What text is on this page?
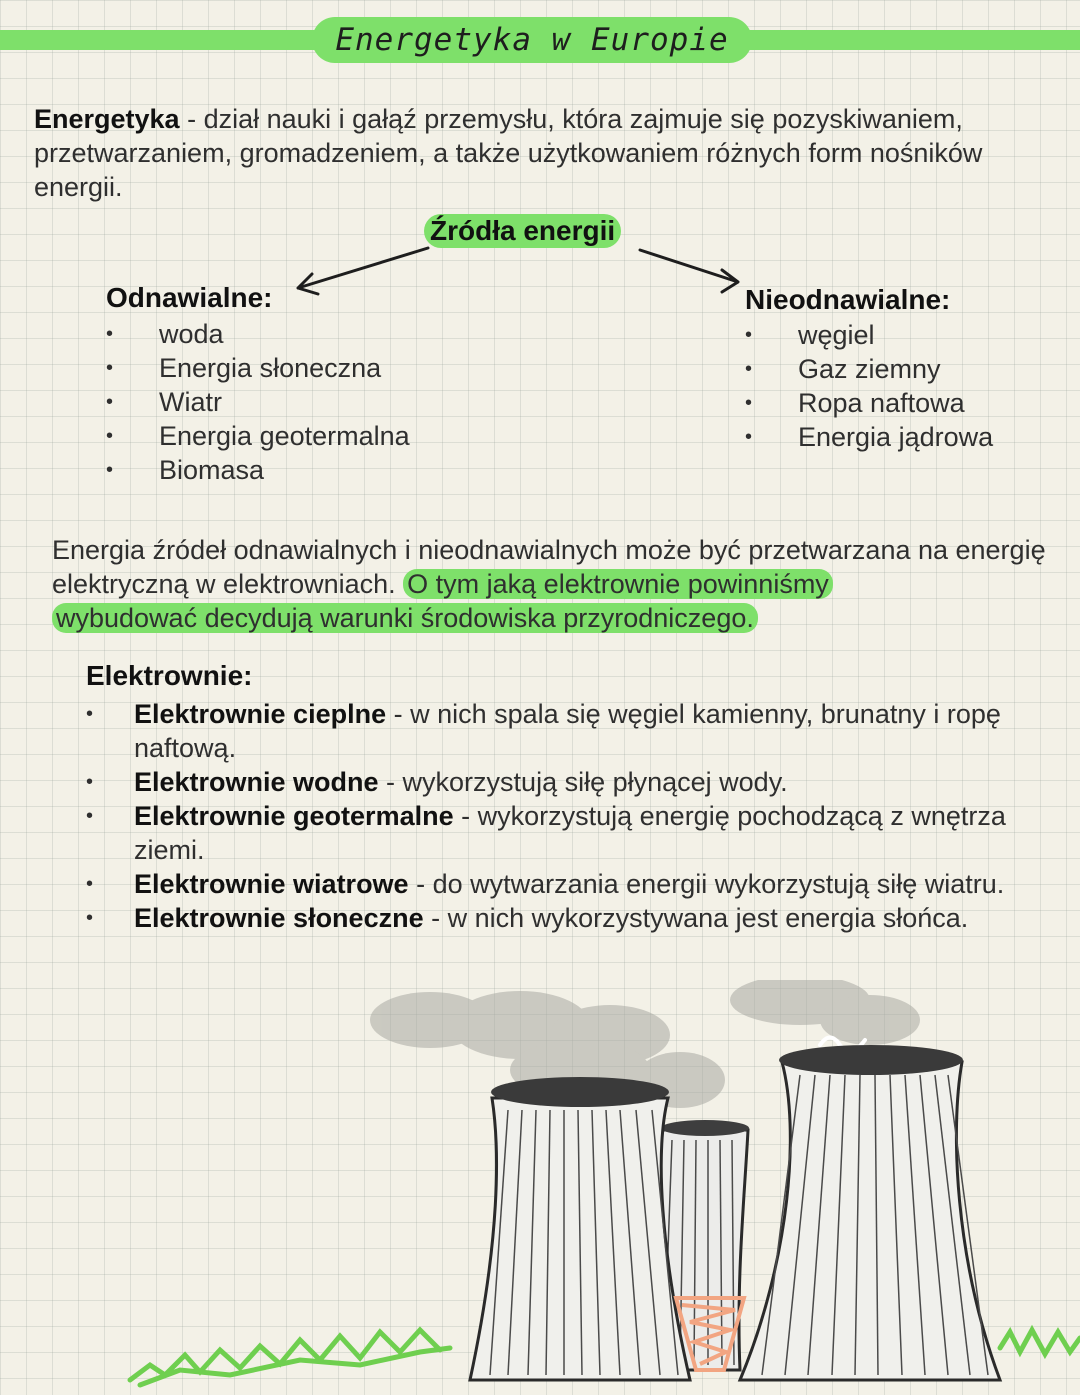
Energetyka w Europie

Energetyka - dział nauki i gałąź przemysłu, która zajmuje się pozyskiwaniem, przetwarzaniem, gromadzeniem, a także użytkowaniem różnych form nośników energii.

Źródła energii
Odnawialne:
• woda
• Energia słoneczna
• Wiatr
• Energia geotermalna
• Biomasa
Nieodnawialne:
• węgiel
• Gaz ziemny
• Ropa naftowa
• Energia jądrowa

Energia źródeł odnawialnych i nieodnawialnych może być przetwarzana na energię elektryczną w elektrowniach. O tym jaką elektrownie powinniśmy
wybudować decydują warunki środowiska przyrodniczego.

Elektrownie:
• Elektrownie cieplne - w nich spala się węgiel kamienny, brunatny i ropę naftową.
• Elektrownie wodne - wykorzystują siłę płynącej wody.
• Elektrownie geotermalne - wykorzystują energię pochodzącą z wnętrza ziemi.
• Elektrownie wiatrowe - do wytwarzania energii wykorzystują siłę wiatru.
• Elektrownie słoneczne - w nich wykorzystywana jest energia słońca.
